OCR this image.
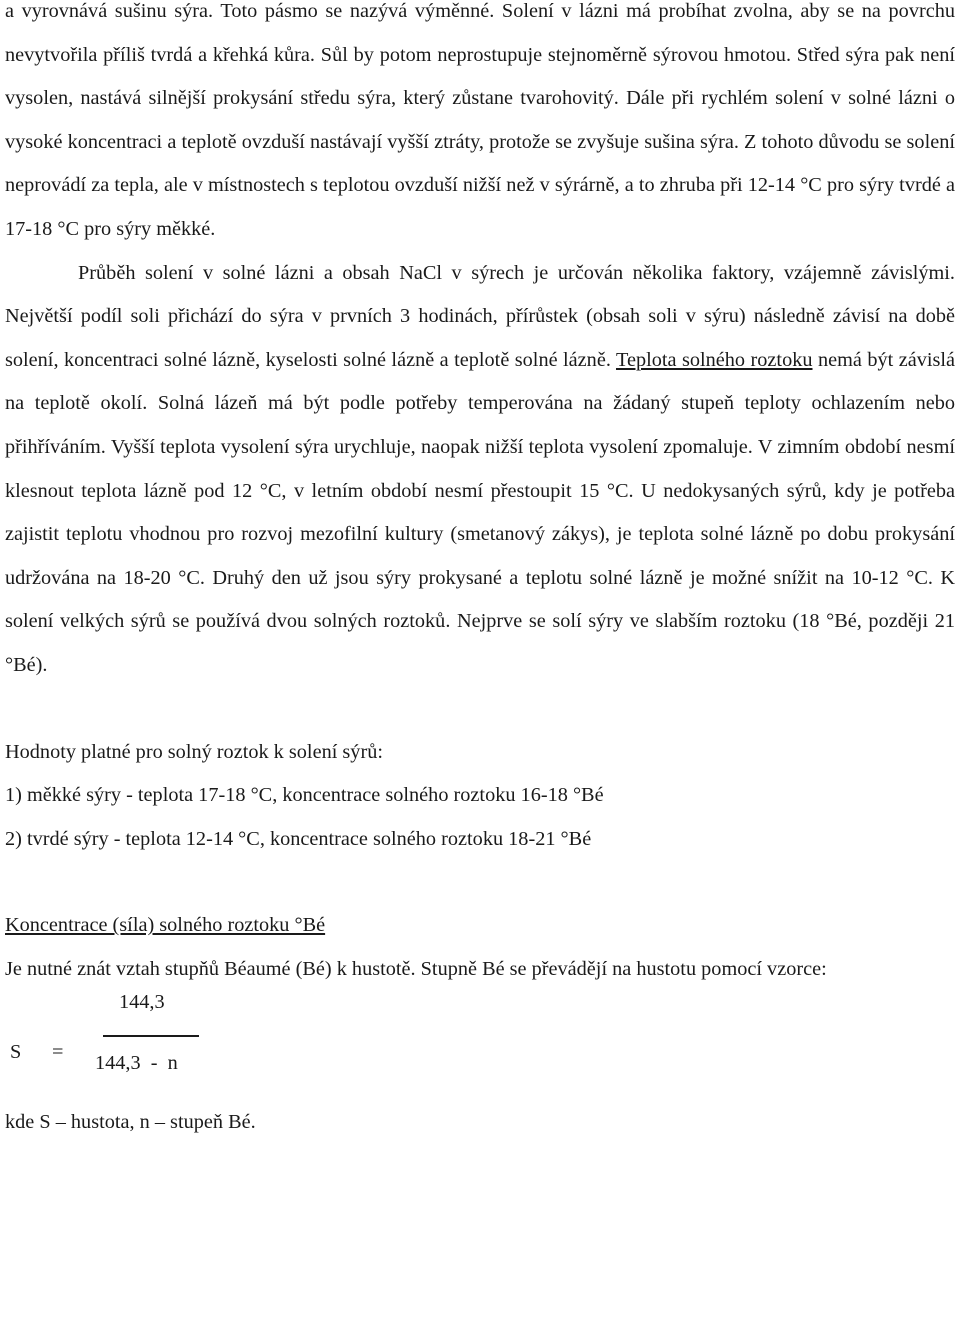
a vyrovnává sušinu sýra. Toto pásmo se nazývá výměnné. Solení v lázni má probíhat zvolna, aby se na povrchu nevytvořila příliš tvrdá a křehká kůra. Sůl by potom neprostupuje stejnoměrně sýrovou hmotou. Střed sýra pak není vysolen, nastává silnější prokysání středu sýra, který zůstane tvarohovitý. Dále při rychlém solení v solné lázni o vysoké koncentraci a teplotě ovzduší nastávají vyšší ztráty, protože se zvyšuje sušina sýra. Z tohoto důvodu se solení neprovádí za tepla, ale v místnostech s teplotou ovzduší nižší než v sýrárně, a to zhruba při 12-14 °C pro sýry tvrdé a 17-18 °C pro sýry měkké.

Průběh solení v solné lázni a obsah NaCl v sýrech je určován několika faktory, vzájemně závislými. Největší podíl soli přichází do sýra v prvních 3 hodinách, přírůstek (obsah soli v sýru) následně závisí na době solení, koncentraci solné lázně, kyselosti solné lázně a teplotě solné lázně. Teplota solného roztoku nemá být závislá na teplotě okolí. Solná lázeň má být podle potřeby temperována na žádaný stupeň teploty ochlazením nebo přihříváním. Vyšší teplota vysolení sýra urychluje, naopak nižší teplota vysolení zpomaluje. V zimním období nesmí klesnout teplota lázně pod 12 °C, v letním období nesmí přestoupit 15 °C. U nedokysaných sýrů, kdy je potřeba zajistit teplotu vhodnou pro rozvoj mezofilní kultury (smetanový zákys), je teplota solné lázně po dobu prokysání udržována na 18-20 °C. Druhý den už jsou sýry prokysané a teplotu solné lázně je možné snížit na 10-12 °C. K solení velkých sýrů se používá dvou solných roztoků. Nejprve se solí sýry ve slabším roztoku (18 °Bé, později 21 °Bé).

Hodnoty platné pro solný roztok k solení sýrů:

1) měkké sýry - teplota 17-18 °C, koncentrace solného roztoku 16-18 °Bé

2) tvrdé sýry - teplota 12-14 °C, koncentrace solného roztoku 18-21 °Bé

Koncentrace (síla) solného roztoku °Bé

Je nutné znát vztah stupňů Béaumé (Bé) k hustotě. Stupně Bé se převádějí na hustotu pomocí vzorce:

S =
144,3
144,3  -  n

kde S – hustota, n – stupeň Bé.
